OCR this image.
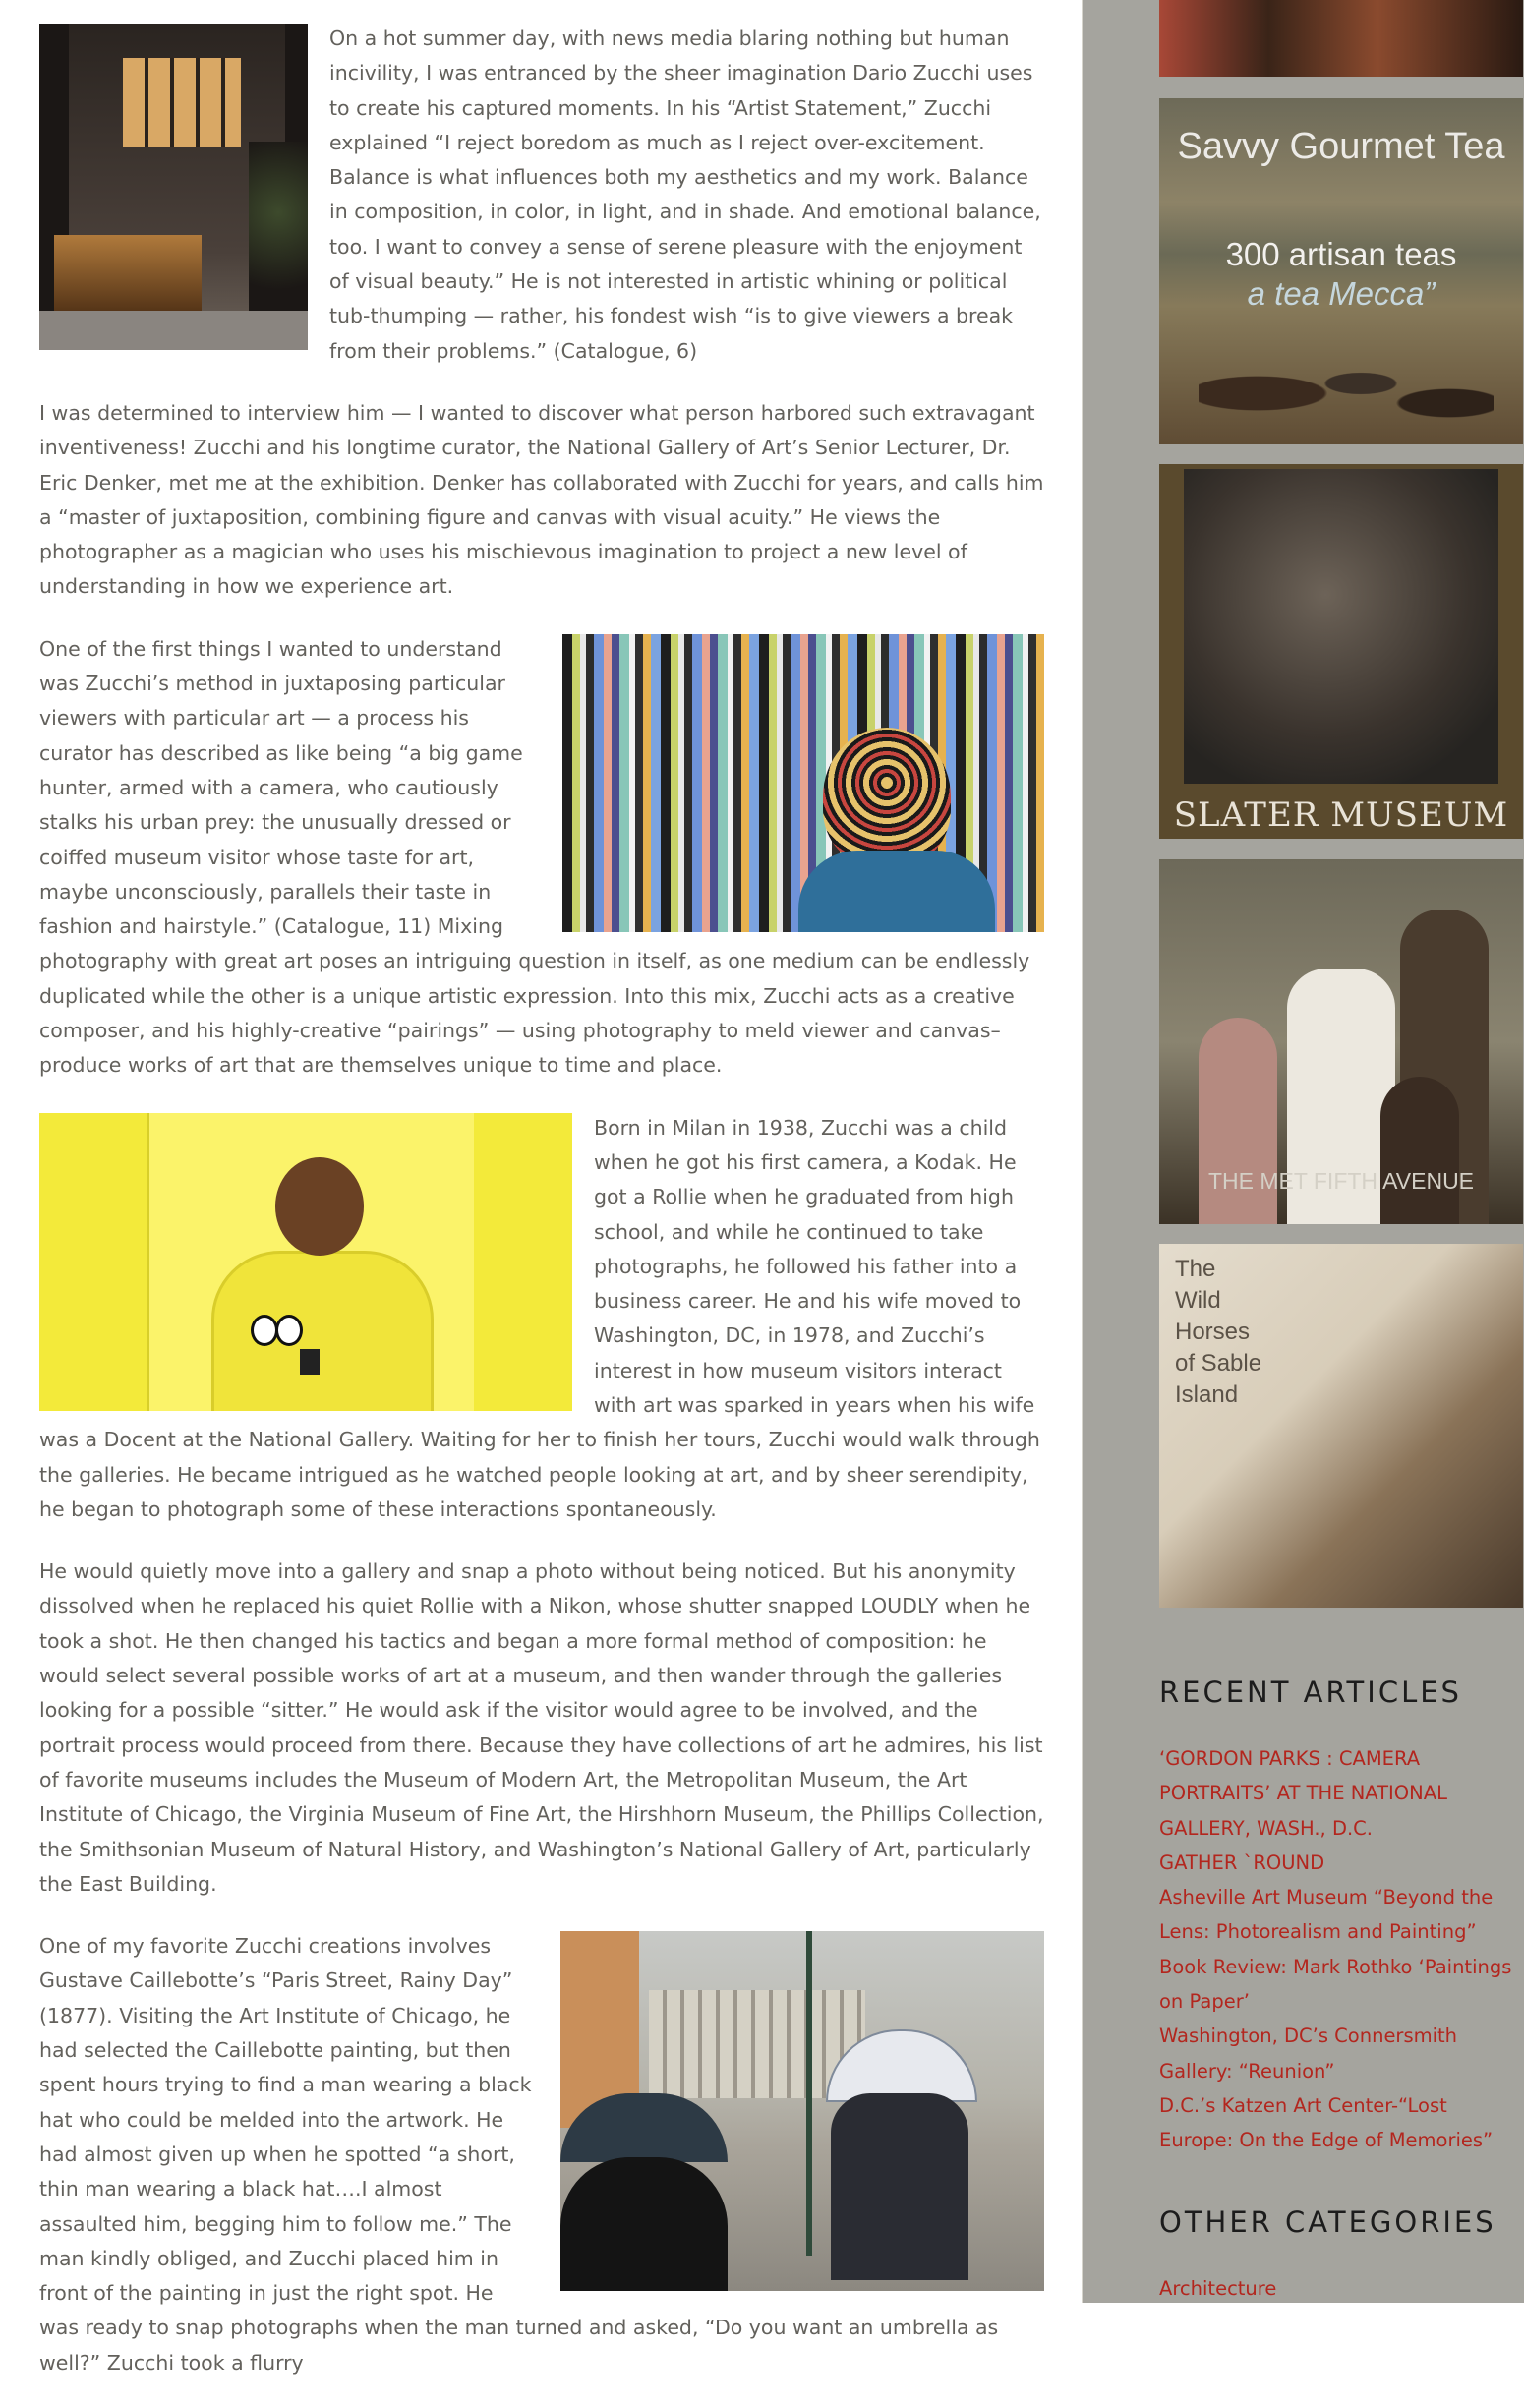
On a hot summer day, with news media blaring nothing but human incivility, I was entranced by the sheer imagination Dario Zucchi uses to create his captured moments. In his “Artist Statement,” Zucchi explained “I reject boredom as much as I reject over-excitement. Balance is what influences both my aesthetics and my work. Balance in composition, in color, in light, and in shade. And emotional balance, too. I want to convey a sense of serene pleasure with the enjoyment of visual beauty.” He is not interested in artistic whining or political tub-thumping — rather, his fondest wish “is to give viewers a break from their problems.” (Catalogue, 6)

I was determined to interview him — I wanted to discover what person harbored such extravagant inventiveness! Zucchi and his longtime curator, the National Gallery of Art’s Senior Lecturer, Dr. Eric Denker, met me at the exhibition. Denker has collaborated with Zucchi for years, and calls him a “master of juxtaposition, combining figure and canvas with visual acuity.” He views the photographer as a magician who uses his mischievous imagination to project a new level of understanding in how we experience art.

One of the first things I wanted to understand was Zucchi’s method in juxtaposing particular viewers with particular art — a process his curator has described as like being “a big game hunter, armed with a camera, who cautiously stalks his urban prey: the unusually dressed or coiffed museum visitor whose taste for art, maybe unconsciously, parallels their taste in fashion and hairstyle.” (Catalogue, 11) Mixing photography with great art poses an intriguing question in itself, as one medium can be endlessly duplicated while the other is a unique artistic expression. Into this mix, Zucchi acts as a creative composer, and his highly-creative “pairings” — using photography to meld viewer and canvas–produce works of art that are themselves unique to time and place.

Born in Milan in 1938, Zucchi was a child when he got his first camera, a Kodak. He got a Rollie when he graduated from high school, and while he continued to take photographs, he followed his father into a business career. He and his wife moved to Washington, DC, in 1978, and Zucchi’s interest in how museum visitors interact with art was sparked in years when his wife was a Docent at the National Gallery. Waiting for her to finish her tours, Zucchi would walk through the galleries. He became intrigued as he watched people looking at art, and by sheer serendipity, he began to photograph some of these interactions spontaneously.

He would quietly move into a gallery and snap a photo without being noticed. But his anonymity dissolved when he replaced his quiet Rollie with a Nikon, whose shutter snapped LOUDLY when he took a shot. He then changed his tactics and began a more formal method of composition: he would select several possible works of art at a museum, and then wander through the galleries looking for a possible “sitter.” He would ask if the visitor would agree to be involved, and the portrait process would proceed from there. Because they have collections of art he admires, his list of favorite museums includes the Museum of Modern Art, the Metropolitan Museum, the Art Institute of Chicago, the Virginia Museum of Fine Art, the Hirshhorn Museum, the Phillips Collection, the Smithsonian Museum of Natural History, and Washington’s National Gallery of Art, particularly the East Building.

One of my favorite Zucchi creations involves Gustave Caillebotte’s “Paris Street, Rainy Day” (1877). Visiting the Art Institute of Chicago, he had selected the Caillebotte painting, but then spent hours trying to find a man wearing a black hat who could be melded into the artwork. He had almost given up when he spotted “a short, thin man wearing a black hat….I almost assaulted him, begging him to follow me.” The man kindly obliged, and Zucchi placed him in front of the painting in just the right spot. He was ready to snap photographs when the man turned and asked, “Do you want an umbrella as well?” Zucchi took a flurry

Savvy Gourmet Tea
300 artisan teas
a tea Mecca”
SLATER MUSEUM
THE MET FIFTH AVENUE
The
Wild
Horses
of Sable
Island
RECENT ARTICLES
‘GORDON PARKS : CAMERA PORTRAITS’ AT THE NATIONAL GALLERY, WASH., D.C.
GATHER `ROUND
Asheville Art Museum “Beyond the Lens: Photorealism and Painting”
Book Review: Mark Rothko ‘Paintings on Paper’
Washington, DC’s Connersmith Gallery: “Reunion”
D.C.’s Katzen Art Center-“Lost Europe: On the Edge of Memories”
OTHER CATEGORIES
Architecture
